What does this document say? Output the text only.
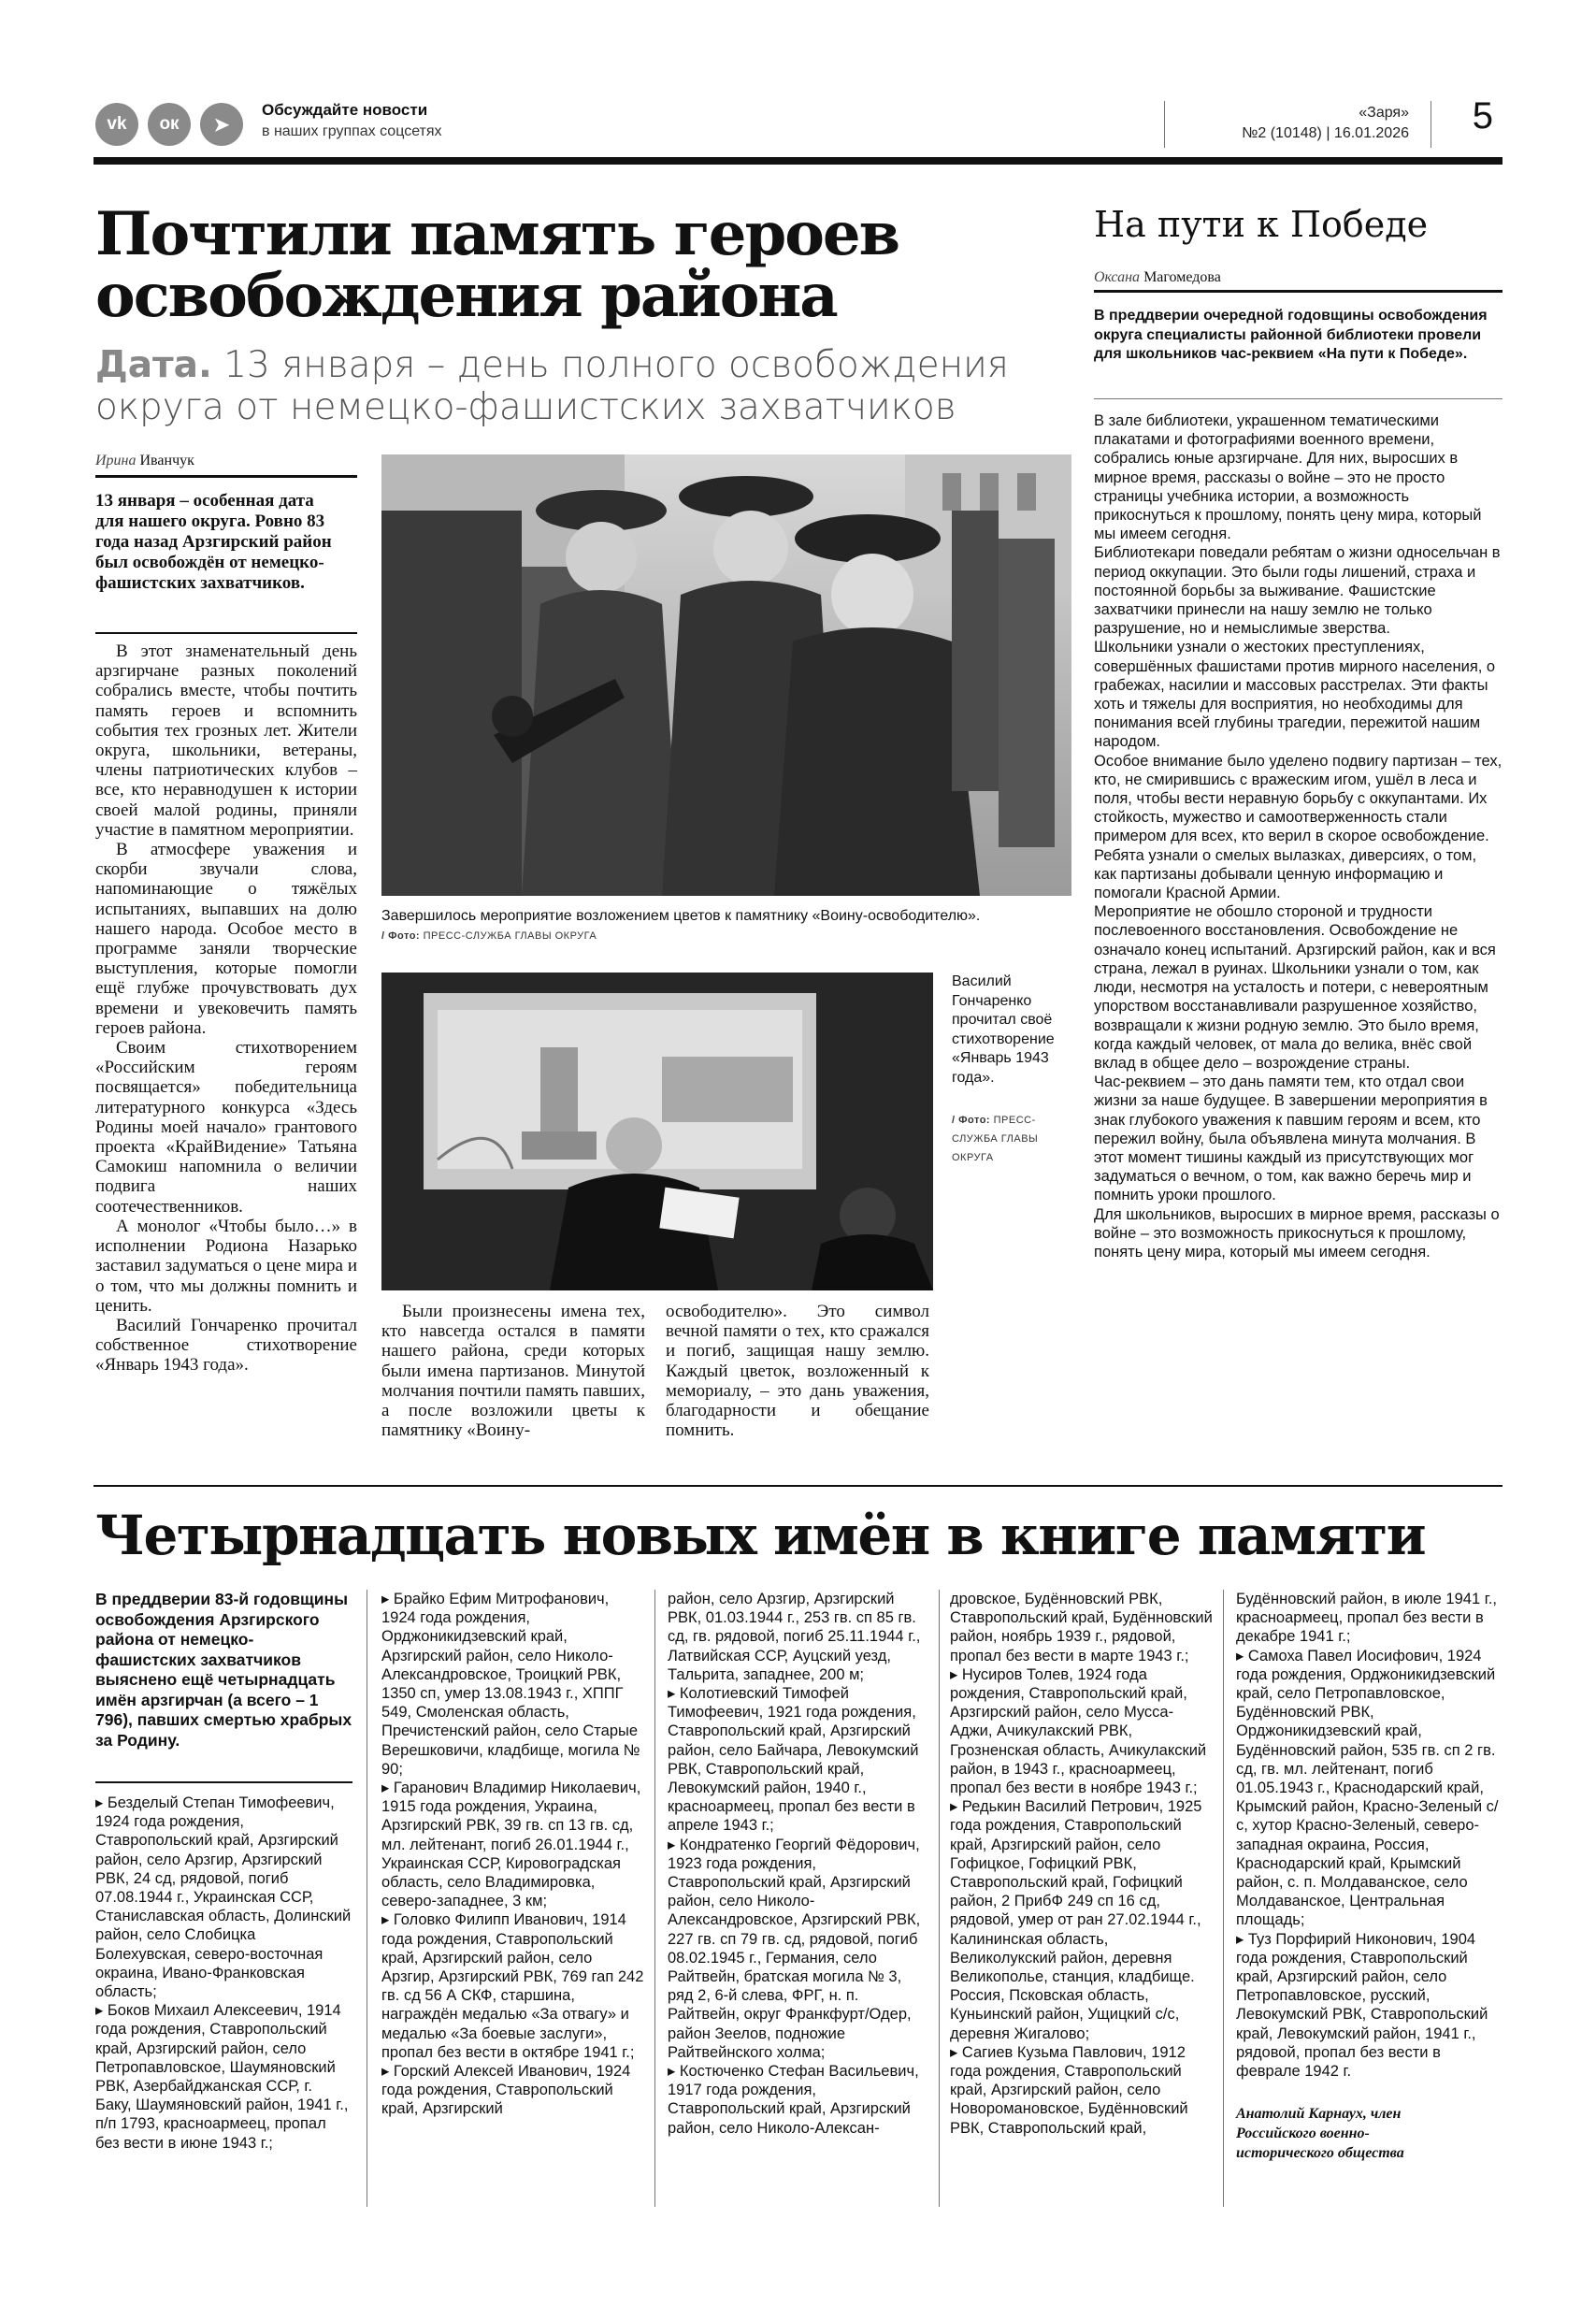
vk	ок	➤
Обсуждайте новости
в наших группах соцсетях
«Заря»
№2 (10148) | 16.01.2026 5
Почтили память героев освобождения района
Дата. 13 января – день полного освобождения округа от немецко-фашистских захватчиков
Ирина Иванчук
13 января – особенная дата для нашего округа. Ровно 83 года назад Арзгирский район был освобождён от немецко-фашистских захватчиков.

В этот знаменательный день арзгирчане разных поколений собрались вместе, чтобы почтить память героев и вспомнить события тех грозных лет. Жители округа, школьники, ветераны, члены патриотических клубов – все, кто неравнодушен к истории своей малой родины, приняли участие в памятном мероприятии.

В атмосфере уважения и скорби звучали слова, напоминающие о тяжёлых испытаниях, выпавших на долю нашего народа. Особое место в программе заняли творческие выступления, которые помогли ещё глубже прочувствовать дух времени и увековечить память героев района.

Своим стихотворением «Российским героям посвящается» победительница литературного конкурса «Здесь Родины моей начало» грантового проекта «КрайВидение» Татьяна Самокиш напомнила о величии подвига наших соотечественников.

А монолог «Чтобы было…» в исполнении Родиона Назарько заставил задуматься о цене мира и о том, что мы должны помнить и ценить.

Василий Гончаренко прочитал собственное стихотворение «Январь 1943 года».

Завершилось мероприятие возложением цветов к памятнику «Воину-освободителю».
/ Фото: ПРЕСС-СЛУЖБА ГЛАВЫ ОКРУГА
Василий Гончаренко прочитал своё стихотворение «Январь 1943 года».
/ Фото: ПРЕСС-СЛУЖБА ГЛАВЫ ОКРУГА

Были произнесены имена тех, кто навсегда остался в памяти нашего района, среди которых были имена партизанов. Минутой молчания почтили память павших, а после возложили цветы к памятнику «Воину-

освободителю». Это символ вечной памяти о тех, кто сражался и погиб, защищая нашу землю. Каждый цветок, возложенный к мемориалу, – это дань уважения, благодарности и обещание помнить.

На пути к Победе
Оксана Магомедова
В преддверии очередной годовщины освобождения округа специалисты районной библиотеки провели для школьников час-реквием «На пути к Победе».

В зале библиотеки, украшенном тематическими плакатами и фотографиями военного времени, собрались юные арзгирчане. Для них, выросших в мирное время, рассказы о войне – это не просто страницы учебника истории, а возможность прикоснуться к прошлому, понять цену мира, который мы имеем сегодня.

Библиотекари поведали ребятам о жизни односельчан в период оккупации. Это были годы лишений, страха и постоянной борьбы за выживание. Фашистские захватчики принесли на нашу землю не только разрушение, но и немыслимые зверства.

Школьники узнали о жестоких преступлениях, совершённых фашистами против мирного населения, о грабежах, насилии и массовых расстрелах. Эти факты хоть и тяжелы для восприятия, но необходимы для понимания всей глубины трагедии, пережитой нашим народом.

Особое внимание было уделено подвигу партизан – тех, кто, не смирившись с вражеским игом, ушёл в леса и поля, чтобы вести неравную борьбу с оккупантами. Их стойкость, мужество и самоотверженность стали примером для всех, кто верил в скорое освобождение. Ребята узнали о смелых вылазках, диверсиях, о том, как партизаны добывали ценную информацию и помогали Красной Армии.

Мероприятие не обошло стороной и трудности послевоенного восстановления. Освобождение не означало конец испытаний. Арзгирский район, как и вся страна, лежал в руинах. Школьники узнали о том, как люди, несмотря на усталость и потери, с невероятным упорством восстанавливали разрушенное хозяйство, возвращали к жизни родную землю. Это было время, когда каждый человек, от мала до велика, внёс свой вклад в общее дело – возрождение страны.

Час-реквием – это дань памяти тем, кто отдал свои жизни за наше будущее. В завершении мероприятия в знак глубокого уважения к павшим героям и всем, кто пережил войну, была объявлена минута молчания. В этот момент тишины каждый из присутствующих мог задуматься о вечном, о том, как важно беречь мир и помнить уроки прошлого.

Для школьников, выросших в мирное время, рассказы о войне – это возможность прикоснуться к прошлому, понять цену мира, который мы имеем сегодня.

Четырнадцать новых имён в книге памяти
В преддверии 83-й годовщины освобождения Арзгирского района от немецко-фашистских захватчиков выяснено ещё четырнадцать имён арзгирчан (а всего – 1 796), павших смертью храбрых за Родину.

▸ Безделый Степан Тимофеевич, 1924 года рождения, Ставропольский край, Арзгирский район, село Арзгир, Арзгирский РВК, 24 сд, рядовой, погиб 07.08.1944 г., Украинская ССР, Станиславская область, Долинский район, село Слобицка Болехувская, северо-восточная окраина, Ивано-Франковская область;

▸ Боков Михаил Алексеевич, 1914 года рождения, Ставропольский край, Арзгирский район, село Петропавловское, Шаумяновский РВК, Азербайджанская ССР, г. Баку, Шаумяновский район, 1941 г., п/п 1793, красноармеец, пропал без вести в июне 1943 г.;

▸ Брайко Ефим Митрофанович, 1924 года рождения, Орджоникидзевский край, Арзгирский район, село Николо-Александровское, Троицкий РВК, 1350 сп, умер 13.08.1943 г., ХППГ 549, Смоленская область, Пречистенский район, село Старые Верешковичи, кладбище, могила № 90;

▸ Гаранович Владимир Николаевич, 1915 года рождения, Украина, Арзгирский РВК, 39 гв. сп 13 гв. сд, мл. лейтенант, погиб 26.01.1944 г., Украинская ССР, Кировоградская область, село Владимировка, северо-западнее, 3 км;

▸ Головко Филипп Иванович, 1914 года рождения, Ставропольский край, Арзгирский район, село Арзгир, Арзгирский РВК, 769 гап 242 гв. сд 56 А СКФ, старшина, награждён медалью «За отвагу» и медалью «За боевые заслуги», пропал без вести в октябре 1941 г.;

▸ Горский Алексей Иванович, 1924 года рождения, Ставропольский край, Арзгирский

район, село Арзгир, Арзгирский РВК, 01.03.1944 г., 253 гв. сп 85 гв. сд, гв. рядовой, погиб 25.11.1944 г., Латвийская ССР, Ауцский уезд, Тальрита, западнее, 200 м;

▸ Колотиевский Тимофей Тимофеевич, 1921 года рождения, Ставропольский край, Арзгирский район, село Байчара, Левокумский РВК, Ставропольский край, Левокумский район, 1940 г., красноармеец, пропал без вести в апреле 1943 г.;

▸ Кондратенко Георгий Фёдорович, 1923 года рождения, Ставропольский край, Арзгирский район, село Николо-Александровское, Арзгирский РВК, 227 гв. сп 79 гв. сд, рядовой, погиб 08.02.1945 г., Германия, село Райтвейн, братская могила № 3, ряд 2, 6-й слева, ФРГ, н. п. Райтвейн, округ Франкфурт/Одер, район Зеелов, подножие Райтвейнского холма;

▸ Костюченко Стефан Васильевич, 1917 года рождения, Ставропольский край, Арзгирский район, село Николо-Алексан-

дровское, Будённовский РВК, Ставропольский край, Будённовский район, ноябрь 1939 г., рядовой, пропал без вести в марте 1943 г.;

▸ Нусиров Толев, 1924 года рождения, Ставропольский край, Арзгирский район, село Мусса-Аджи, Ачикулакский РВК, Грозненская область, Ачикулакский район, в 1943 г., красноармеец, пропал без вести в ноябре 1943 г.;

▸ Редькин Василий Петрович, 1925 года рождения, Ставропольский край, Арзгирский район, село Гофицкое, Гофицкий РВК, Ставропольский край, Гофицкий район, 2 ПрибФ 249 сп 16 сд, рядовой, умер от ран 27.02.1944 г., Калининская область, Великолукский район, деревня Великополье, станция, кладбище. Россия, Псковская область, Куньинский район, Ущицкий с/с, деревня Жигалово;

▸ Сагиев Кузьма Павлович, 1912 года рождения, Ставропольский край, Арзгирский район, село Новоромановское, Будённовский РВК, Ставропольский край,

Будённовский район, в июле 1941 г., красноармеец, пропал без вести в декабре 1941 г.;

▸ Самоха Павел Иосифович, 1924 года рождения, Орджоникидзевский край, село Петропавловское, Будённовский РВК, Орджоникидзевский край, Будённовский район, 535 гв. сп 2 гв. сд, гв. мл. лейтенант, погиб 01.05.1943 г., Краснодарский край, Крымский район, Красно-Зеленый с/с, хутор Красно-Зеленый, северо-западная окраина, Россия, Краснодарский край, Крымский район, с. п. Молдаванское, село Молдаванское, Центральная площадь;

▸ Туз Порфирий Никонович, 1904 года рождения, Ставропольский край, Арзгирский район, село Петропавловское, русский, Левокумский РВК, Ставропольский край, Левокумский район, 1941 г., рядовой, пропал без вести в феврале 1942 г.

Анатолий Карнаух, член Российского военно-исторического общества
